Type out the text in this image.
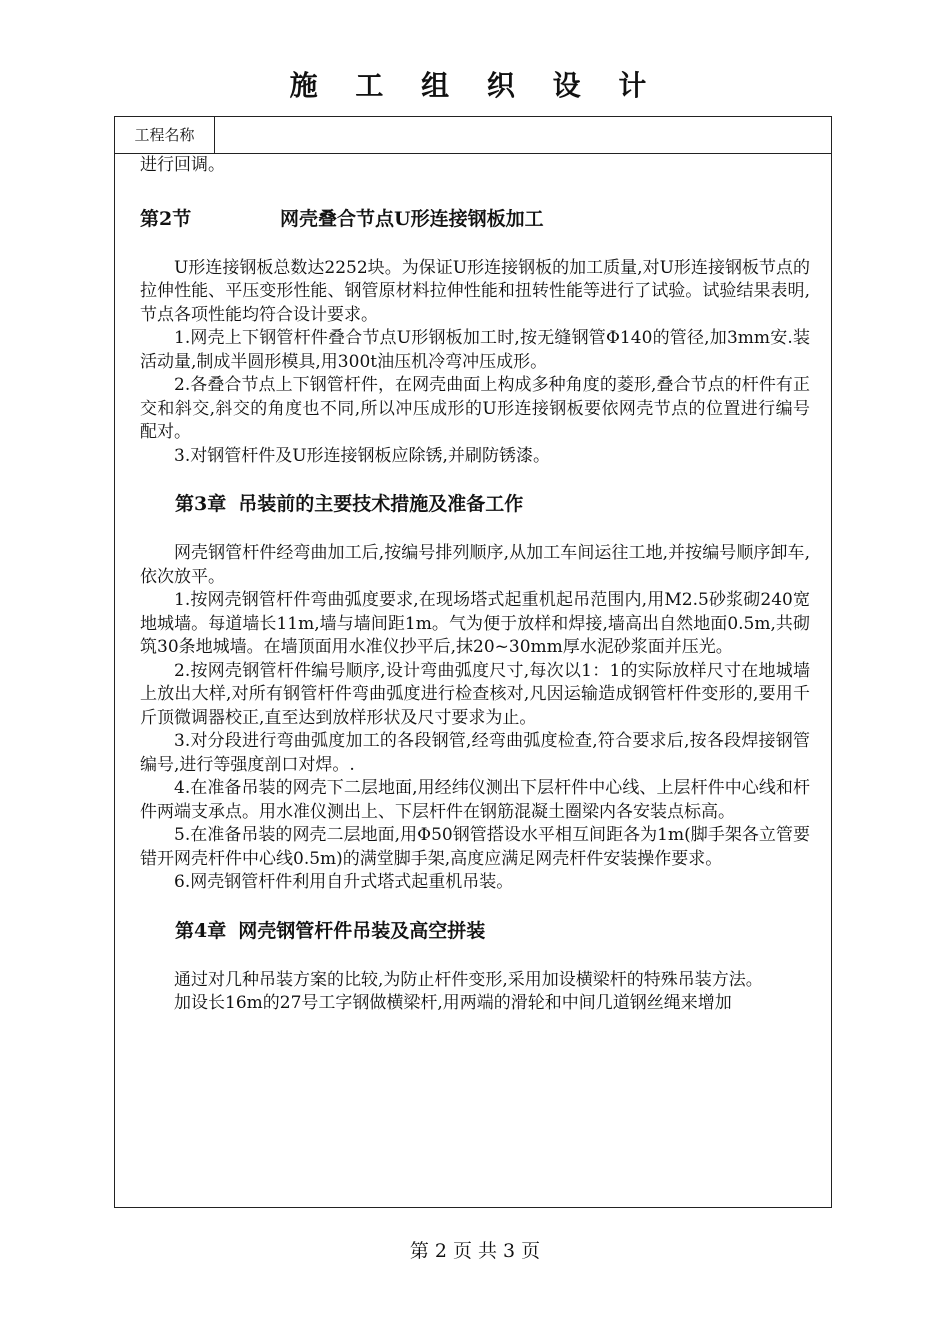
施 工 组 织 设 计
工程名称

进行回调。

第2节	网壳叠合节点U形连接钢板加工

U形连接钢板总数达2252块。为保证U形连接钢板的加工质量,对U形连接钢板节点的拉伸性能、平压变形性能、钢管原材料拉伸性能和扭转性能等进行了试验。试验结果表明,节点各项性能均符合设计要求。

1.网壳上下钢管杆件叠合节点U形钢板加工时,按无缝钢管Φ140的管径,加3mm安.装活动量,制成半圆形模具,用300t油压机冷弯冲压成形。

2.各叠合节点上下钢管杆件，在网壳曲面上构成多种角度的菱形,叠合节点的杆件有正交和斜交,斜交的角度也不同,所以冲压成形的U形连接钢板要依网壳节点的位置进行编号配对。

3.对钢管杆件及U形连接钢板应除锈,并刷防锈漆。

第3章 吊装前的主要技术措施及准备工作

网壳钢管杆件经弯曲加工后,按编号排列顺序,从加工车间运往工地,并按编号顺序卸车,依次放平。

1.按网壳钢管杆件弯曲弧度要求,在现场塔式起重机起吊范围内,用M2.5砂浆砌240宽地城墙。每道墙长11m,墙与墙间距1m。气为便于放样和焊接,墙高出自然地面0.5m,共砌筑30条地城墙。在墙顶面用水准仪抄平后,抹20~30mm厚水泥砂浆面并压光。

2.按网壳钢管杆件编号顺序,设计弯曲弧度尺寸,每次以1：1的实际放样尺寸在地城墙上放出大样,对所有钢管杆件弯曲弧度进行检查核对,凡因运输造成钢管杆件变形的,要用千斤顶微调器校正,直至达到放样形状及尺寸要求为止。

3.对分段进行弯曲弧度加工的各段钢管,经弯曲弧度检查,符合要求后,按各段焊接钢管编号,进行等强度剖口对焊。.

4.在准备吊装的网壳下二层地面,用经纬仪测出下层杆件中心线、上层杆件中心线和杆件两端支承点。用水准仪测出上、下层杆件在钢筋混凝土圈梁内各安装点标高。

5.在准备吊装的网壳二层地面,用Φ50钢管搭设水平相互间距各为1m(脚手架各立管要错开网壳杆件中心线0.5m)的满堂脚手架,高度应满足网壳杆件安装操作要求。

6.网壳钢管杆件利用自升式塔式起重机吊装。

第4章 网壳钢管杆件吊装及高空拼装

通过对几种吊装方案的比较,为防止杆件变形,采用加设横梁杆的特殊吊装方法。

加设长16m的27号工字钢做横梁杆,用两端的滑轮和中间几道钢丝绳来增加

第 2 页 共 3 页
